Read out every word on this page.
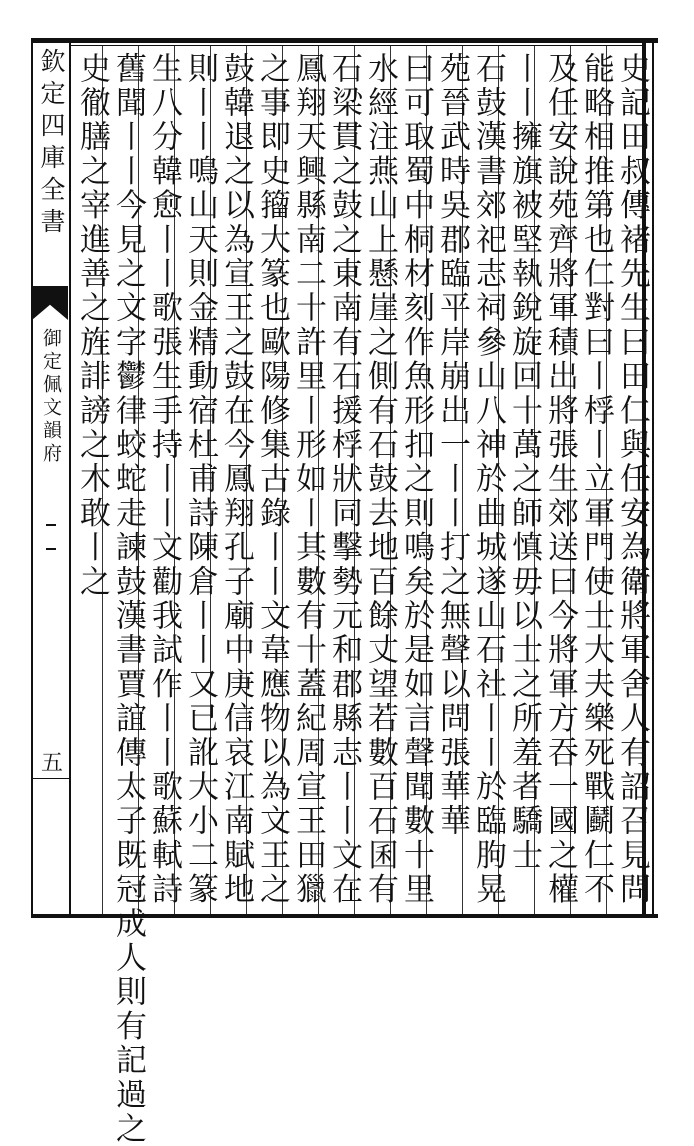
欽定四庫全書
御定佩文韻府
五	史記田叔傳褚先生曰田仁與任安為衛將軍舍人有詔召見問
能略相推第也仁對曰丨桴丨立軍門使士大夫樂死戰鬬仁不
及任安說苑齊將軍積出將張生郊送曰今將軍方吞一國之權
丨丨擁旗被堅執銳旋回十萬之師慎毋以士之所羞者驕士
石鼓漢書郊祀志祠參山八神於曲城遂山石社丨丨於臨朐晃
苑晉武時吳郡臨平岸崩出一丨丨打之無聲以問張華華
曰可取蜀中桐材刻作魚形扣之則鳴矣於是如言聲聞數十里
水經注燕山上懸崖之側有石鼓去地百餘丈望若數百石囷有
石梁貫之鼓之東南有石援桴狀同擊勢元和郡縣志丨丨文在
鳳翔天興縣南二十許里丨形如丨其數有十蓋紀周宣王田獵
之事即史籀大篆也歐陽修集古錄丨丨文韋應物以為文王之
鼓韓退之以為宣王之鼓在今鳳翔孔子廟中庚信哀江南賦地
則丨丨鳴山天則金精動宿杜甫詩陳倉丨丨又已訛大小二篆
生八分韓愈丨丨歌張生手持丨丨文勸我試作丨丨歌蘇軾詩
舊聞丨丨今見之文字鬱律蛟蛇走諫鼓漢書賈誼傳太子既冠成人則有記過之
史徹膳之宰進善之旌誹謗之木敢丨之
